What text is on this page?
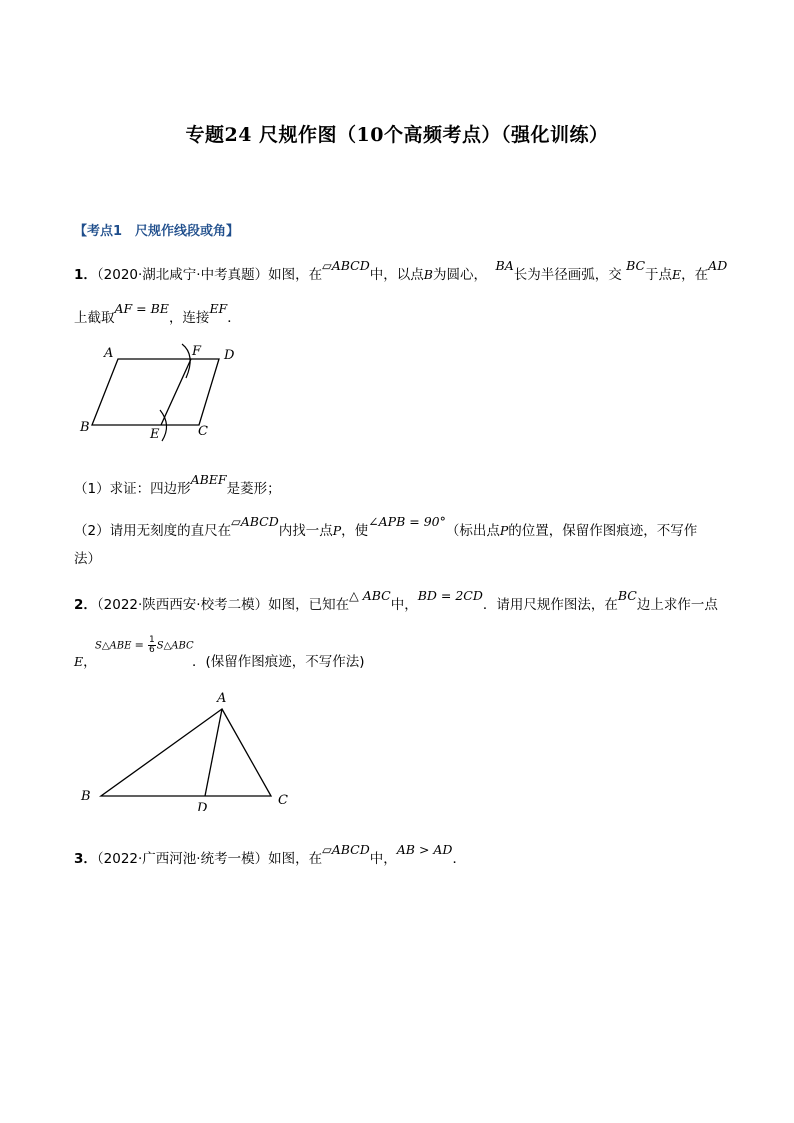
专题24 尺规作图（10个高频考点）（强化训练）
【考点1　尺规作线段或角】
1．（2020·湖北咸宁·中考真题）如图，在▱ABCD中，以点B为圆心，  BA长为半径画弧，交 BC于点E，在AD
上截取AF = BE，连接EF．
A	F D
B	E	C
（1）求证：四边形ABEF是菱形；
（2）请用无刻度的直尺在▱ABCD内找一点P，使∠APB = 90°（标出点P的位置，保留作图痕迹，不写作
法）
2．（2022·陕西西安·校考二模）如图，已知在△ ABC中，BD = 2CD．请用尺规作图法，在BC边上求作一点
E，
S△ABE = $\frac{1}{6}$ S△ABC
．(保留作图痕迹，不写作法)
A
B
D
C
3．（2022·广西河池·统考一模）如图，在▱ABCD中，AB > AD．
